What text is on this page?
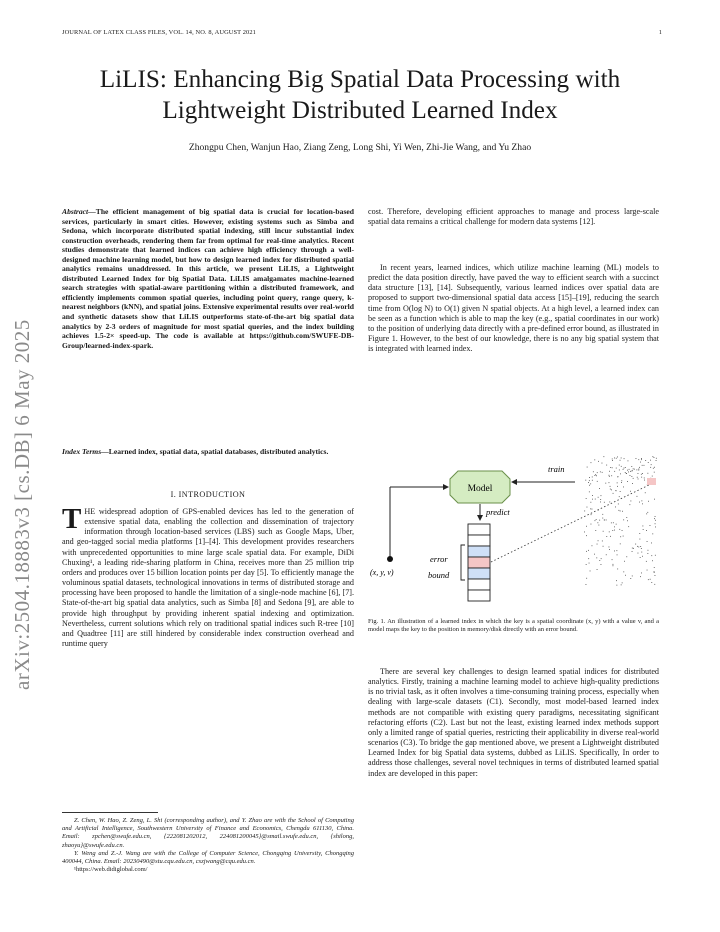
JOURNAL OF LATEX CLASS FILES, VOL. 14, NO. 8, AUGUST 2021	1
arXiv:2504.18883v3 [cs.DB] 6 May 2025
LiLIS: Enhancing Big Spatial Data Processing with Lightweight Distributed Learned Index
Zhongpu Chen, Wanjun Hao, Ziang Zeng, Long Shi, Yi Wen, Zhi-Jie Wang, and Yu Zhao
Abstract—The efficient management of big spatial data is crucial for location-based services, particularly in smart cities. However, existing systems such as Simba and Sedona, which incorporate distributed spatial indexing, still incur substantial index construction overheads, rendering them far from optimal for real-time analytics. Recent studies demonstrate that learned indices can achieve high efficiency through a well-designed machine learning model, but how to design learned index for distributed spatial analytics remains unaddressed. In this article, we present LiLIS, a Lightweight distributed Learned Index for big Spatial Data. LiLIS amalgamates machine-learned search strategies with spatial-aware partitioning within a distributed framework, and efficiently implements common spatial queries, including point query, range query, k-nearest neighbors (kNN), and spatial joins. Extensive experimental results over real-world and synthetic datasets show that LiLIS outperforms state-of-the-art big spatial data analytics by 2-3 orders of magnitude for most spatial queries, and the index building achieves 1.5-2× speed-up. The code is available at https://github.com/SWUFE-DB-Group/learned-index-spark.
Index Terms—Learned index, spatial data, spatial databases, distributed analytics.
I. INTRODUCTION
THE widespread adoption of GPS-enabled devices has led to the generation of extensive spatial data, enabling the collection and dissemination of trajectory information through location-based services (LBS) such as Google Maps, Uber, and geo-tagged social media platforms [1]–[4]. This development provides researchers with unprecedented opportunities to mine large scale spatial data. For example, DiDi Chuxing¹, a leading ride-sharing platform in China, receives more than 25 million trip orders and produces over 15 billion location points per day [5]. To efficiently manage the voluminous spatial datasets, technological innovations in terms of distributed storage and processing have been proposed to handle the limitation of a single-node machine [6], [7]. State-of-the-art big spatial data analytics, such as Simba [8] and Sedona [9], are able to provide high throughput by providing inherent spatial indexing and optimization. Nevertheless, current solutions which rely on traditional spatial indices such R-tree [10] and Quadtree [11] are still hindered by considerable index construction overhead and runtime query

Z. Chen, W. Hao, Z. Zeng, L. Shi (corresponding author), and Y. Zhao are with the School of Computing and Artificial Intelligence, Southwestern University of Finance and Economics, Chengdu 611130, China. Email: zpchen@swufe.edu.cn, {222081202012, 224081200045}@smail.swufe.edu.cn, {shilong, zhaoyu}@swufe.edu.cn.

Y. Weng and Z.-J. Wang are with the College of Computer Science, Chongqing University, Chongqing 400044, China. Email: 20230490@stu.cqu.edu.cn, cszjwang@cqu.edu.cn.

¹https://web.didiglobal.com/

cost. Therefore, developing efficient approaches to manage and process large-scale spatial data remains a critical challenge for modern data systems [12].
In recent years, learned indices, which utilize machine learning (ML) models to predict the data position directly, have paved the way to efficient search with a succinct data structure [13], [14]. Subsequently, various learned indices over spatial data are proposed to support two-dimensional spatial data access [15]–[19], reducing the search time from O(log N) to O(1) given N spatial objects. At a high level, a learned index can be seen as a function which is able to map the key (e.g., spatial coordinates in our work) to the position of underlying data directly with a pre-defined error bound, as illustrated in Figure 1. However, to the best of our knowledge, there is no any big spatial system that is integrated with learned index.
Model
train
(x, y, v)
predict
error
bound
Fig. 1. An illustration of a learned index in which the key is a spatial coordinate (x, y) with a value v, and a model maps the key to the position in memory/disk directly with an error bound.
There are several key challenges to design learned spatial indices for distributed analytics. Firstly, training a machine learning model to achieve high-quality predictions is no trivial task, as it often involves a time-consuming training process, especially when dealing with large-scale datasets (C1). Secondly, most model-based learned index methods are not compatible with existing query paradigms, necessitating significant refactoring efforts (C2). Last but not the least, existing learned index methods support only a limited range of spatial queries, restricting their applicability in diverse real-world scenarios (C3). To bridge the gap mentioned above, we present a Lightweight distributed Learned Index for big Spatial data systems, dubbed as LiLIS. Specifically, In order to address those challenges, several novel techniques in terms of distributed learned spatial index are developed in this paper:
